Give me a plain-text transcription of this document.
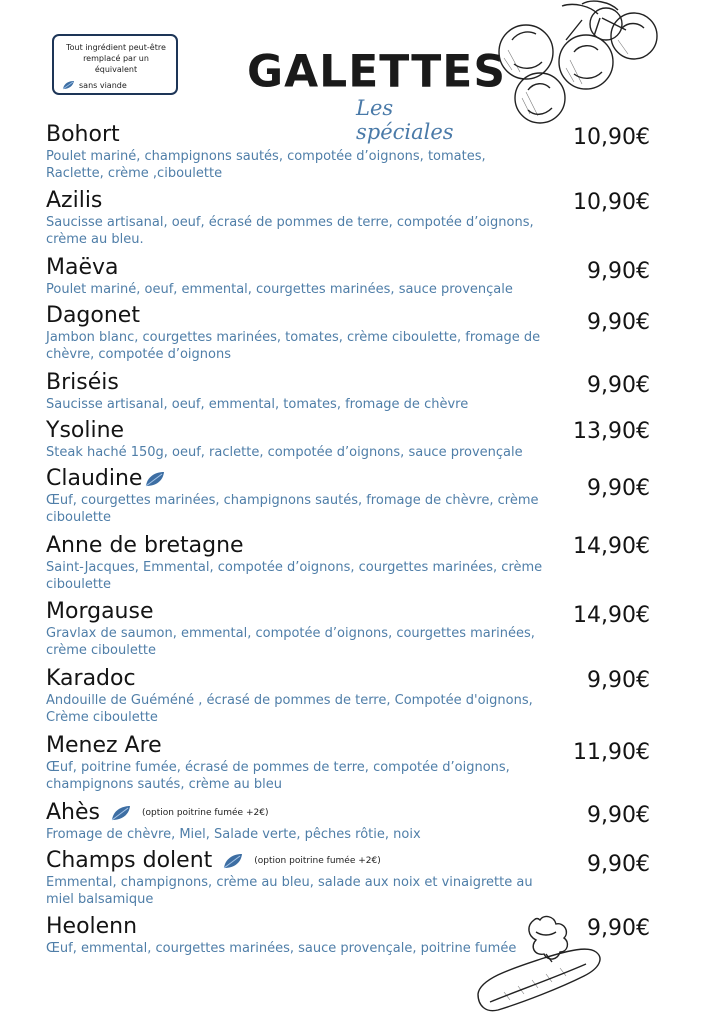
Tout ingrédient peut-être remplacé par un équivalent
sans viande	GALETTES
Les spéciales
Bohort
Poulet mariné, champignons sautés, compotée d’oignons, tomates, Raclette, crème ,ciboulette
10,90€
Azilis
Saucisse artisanal, oeuf, écrasé de pommes de terre, compotée d’oignons, crème au bleu.
10,90€
Maëva
Poulet mariné, oeuf, emmental, courgettes marinées, sauce provençale
9,90€
Dagonet
Jambon blanc, courgettes marinées, tomates, crème ciboulette, fromage de chèvre, compotée d’oignons
9,90€
Briséis
Saucisse artisanal, oeuf, emmental, tomates, fromage de chèvre
9,90€
Ysoline
Steak haché 150g, oeuf, raclette, compotée d’oignons, sauce provençale
13,90€
Claudine
Œuf, courgettes marinées, champignons sautés, fromage de chèvre, crème ciboulette
9,90€
Anne de bretagne
Saint-Jacques, Emmental, compotée d’oignons, courgettes marinées, crème ciboulette
14,90€
Morgause
Gravlax de saumon, emmental, compotée d’oignons, courgettes marinées, crème ciboulette
14,90€
Karadoc
Andouille de Guéméné , écrasé de pommes de terre, Compotée d'oignons, Crème ciboulette
9,90€
Menez Are
Œuf, poitrine fumée, écrasé de pommes de terre, compotée d’oignons, champignons sautés, crème au bleu
11,90€
Ahès	(option poitrine fumée +2€)
Fromage de chèvre, Miel, Salade verte, pêches rôtie, noix
9,90€
Champs dolent	(option poitrine fumée +2€)
Emmental, champignons, crème au bleu, salade aux noix et vinaigrette au miel balsamique
9,90€
Heolenn
Œuf, emmental, courgettes marinées, sauce provençale, poitrine fumée
9,90€
